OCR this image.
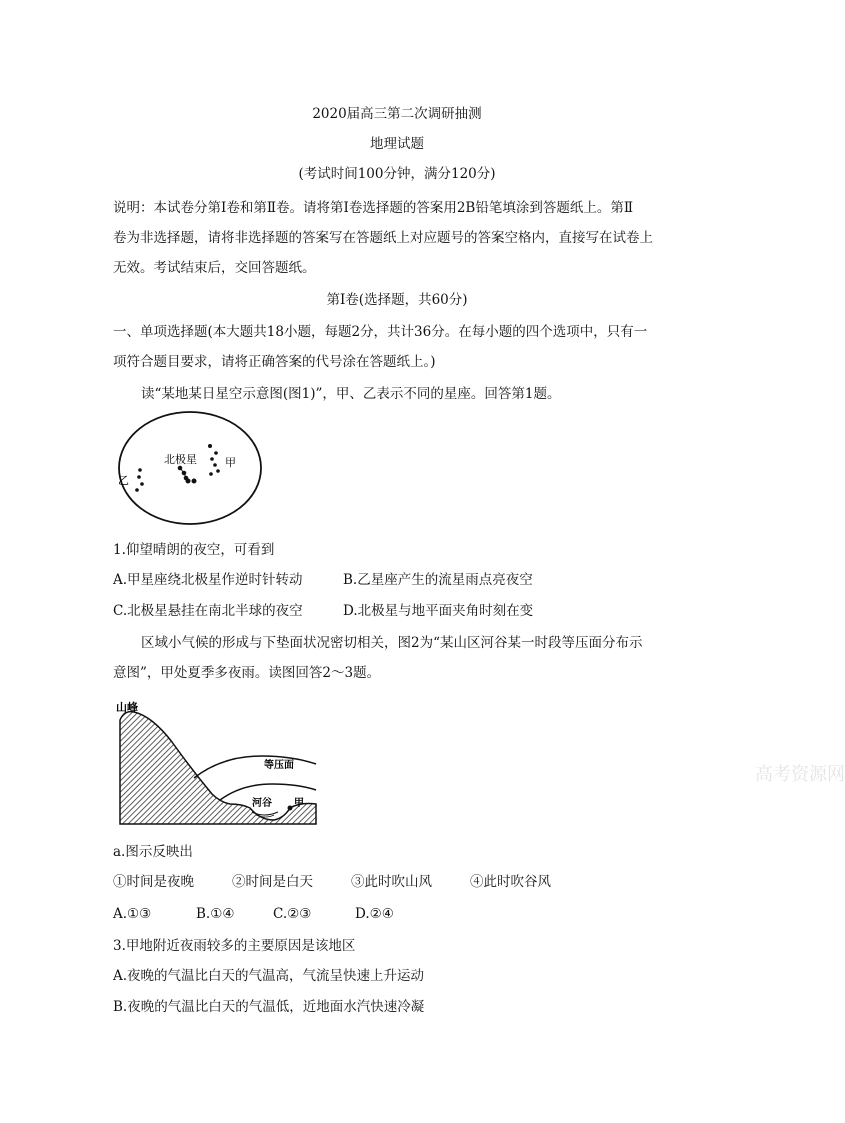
2020届高三第二次调研抽测
地理试题
(考试时间100分钟，满分120分)
说明：本试卷分第Ⅰ卷和第Ⅱ卷。请将第Ⅰ卷选择题的答案用2B铅笔填涂到答题纸上。第Ⅱ
卷为非选择题，请将非选择题的答案写在答题纸上对应题号的答案空格内，直接写在试卷上
无效。考试结束后，交回答题纸。
第Ⅰ卷(选择题，共60分)
一、单项选择题(本大题共18小题，每题2分，共计36分。在每小题的四个选项中，只有一
项符合题目要求，请将正确答案的代号涂在答题纸上。)
读“某地某日星空示意图(图1)”，甲、乙表示不同的星座。回答第1题。
北极星	甲
乙
1.仰望晴朗的夜空，可看到
A.甲星座绕北极星作逆时针转动	B.乙星座产生的流星雨点亮夜空
C.北极星悬挂在南北半球的夜空	D.北极星与地平面夹角时刻在变
区域小气候的形成与下垫面状况密切相关，图2为“某山区河谷某一时段等压面分布示
意图”，甲处夏季多夜雨。读图回答2～3题。
山峰
等压面
河谷 甲
高考资源网
a.图示反映出
①时间是夜晚	②时间是白天	③此时吹山风	④此时吹谷风
A.①③	B.①④	C.②③	D.②④
3.甲地附近夜雨较多的主要原因是该地区
A.夜晚的气温比白天的气温高，气流呈快速上升运动
B.夜晚的气温比白天的气温低，近地面水汽快速冷凝
